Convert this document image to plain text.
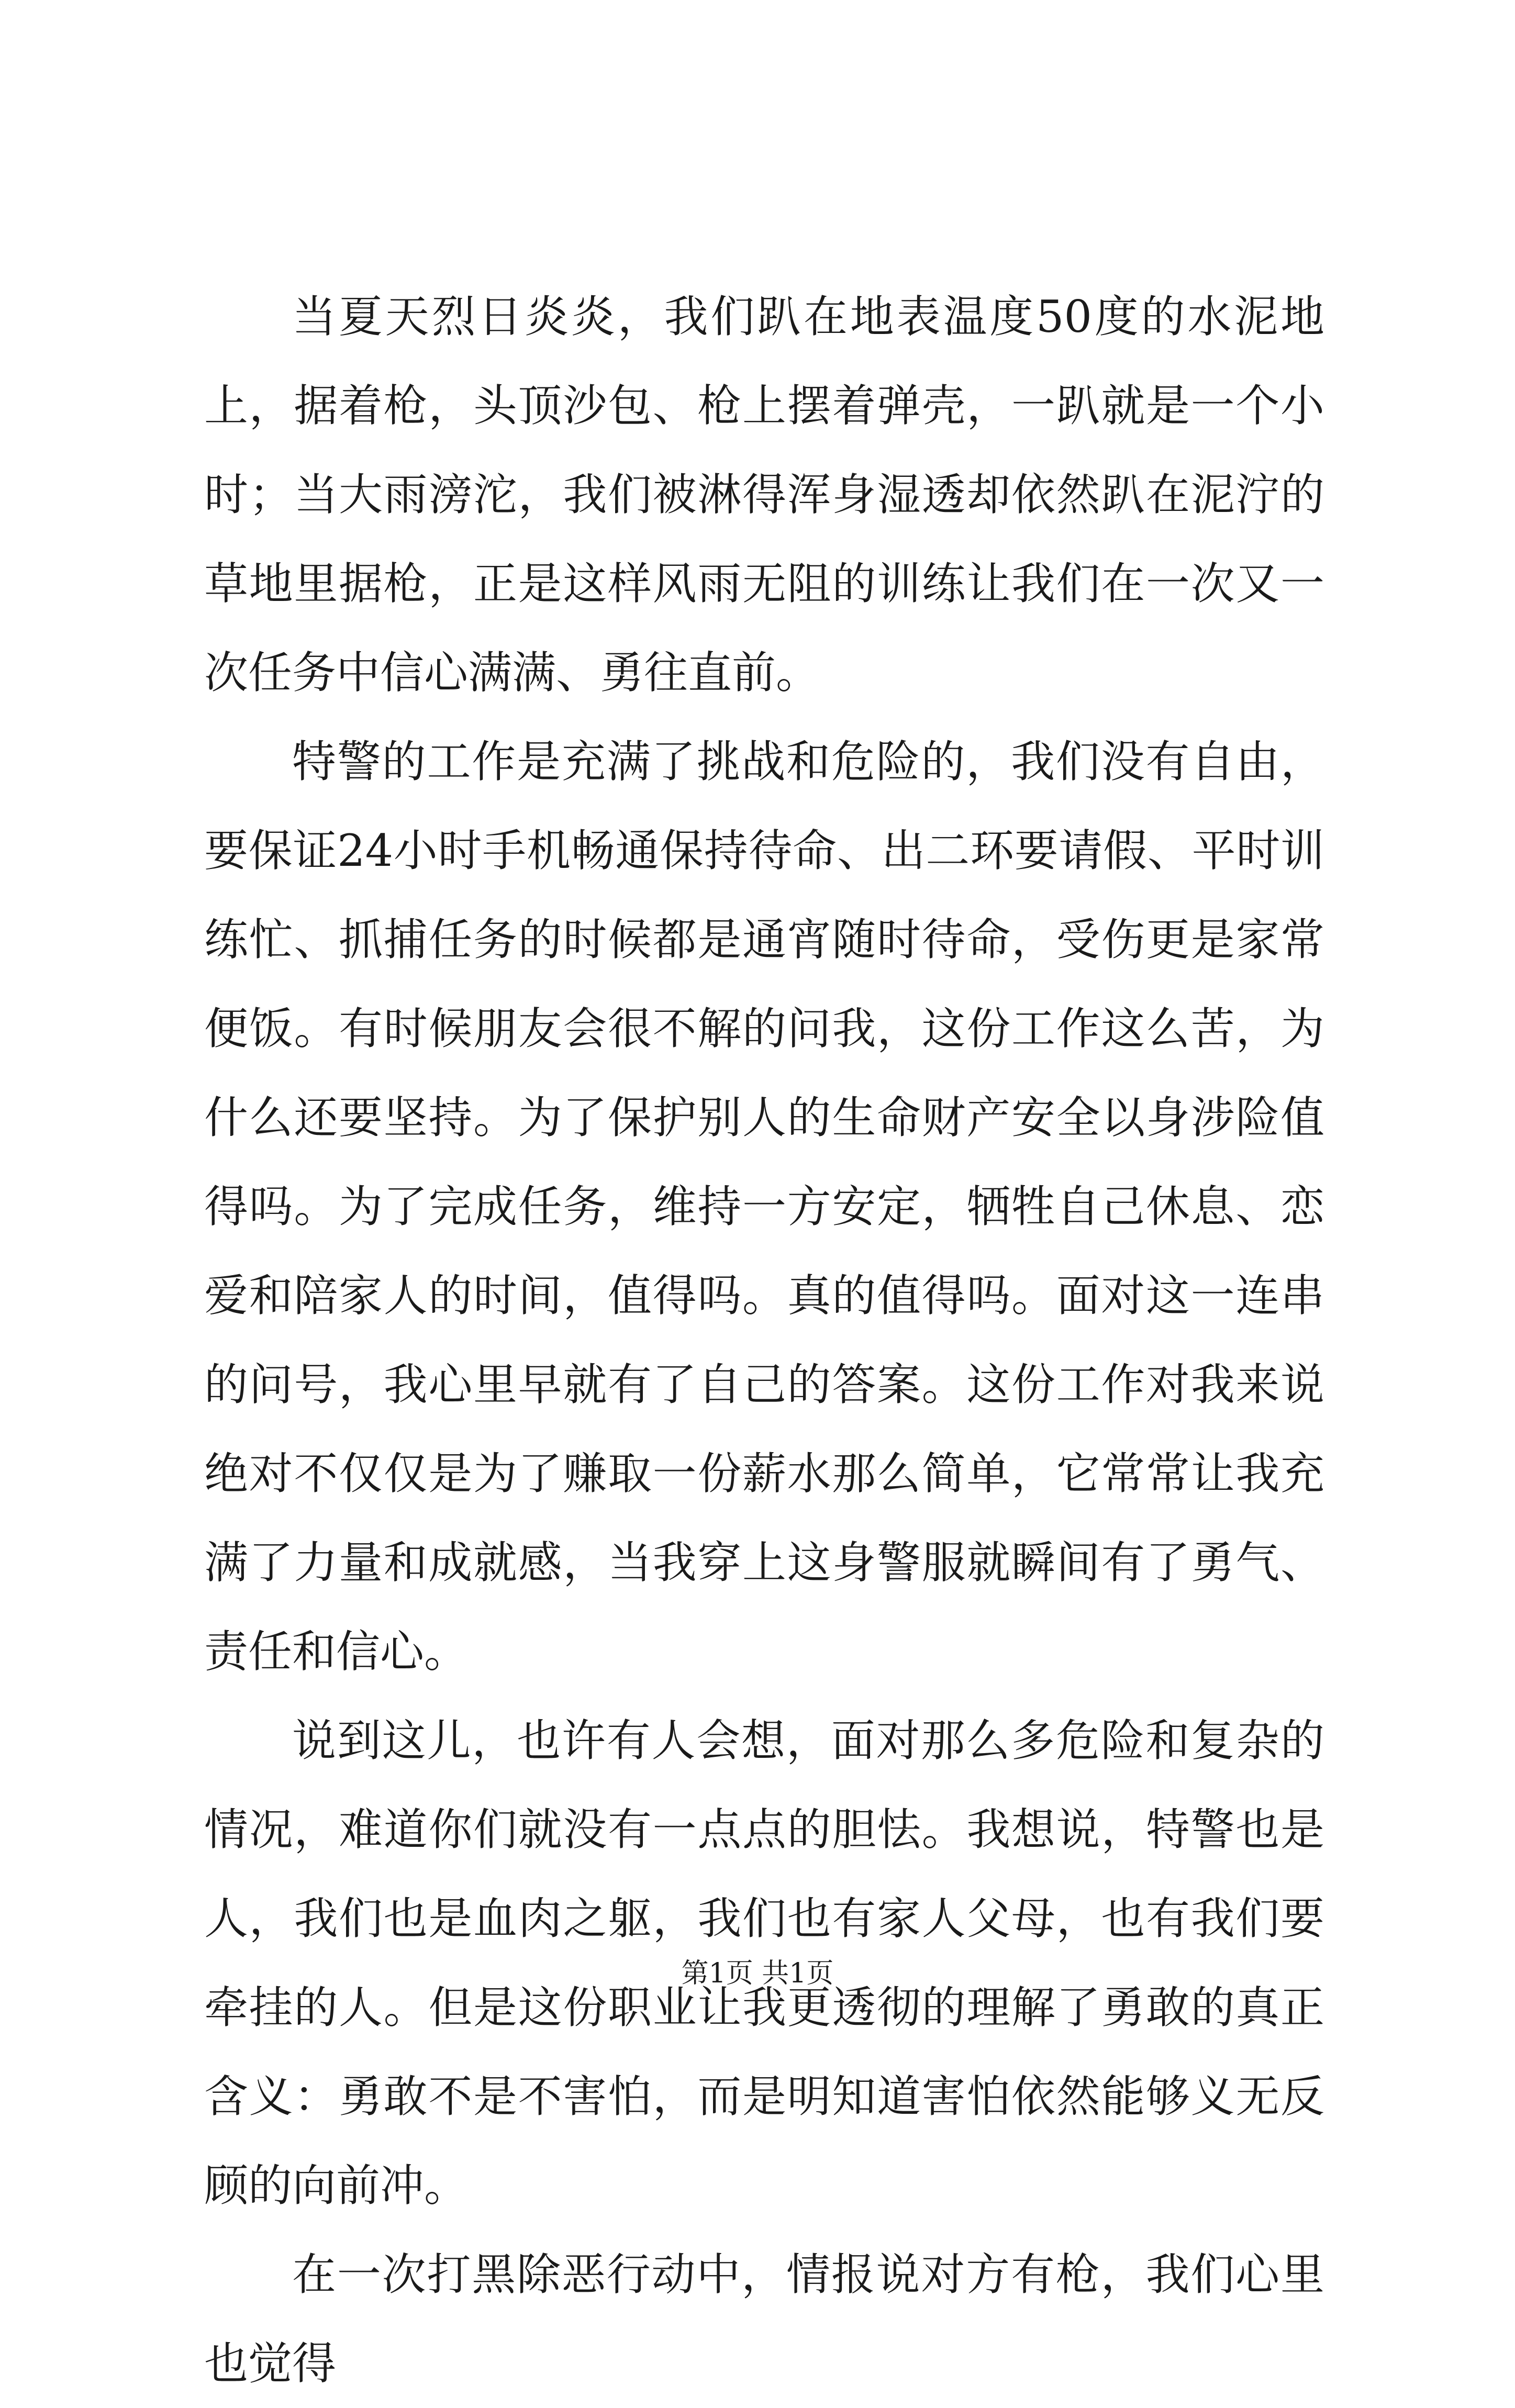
当夏天烈日炎炎，我们趴在地表温度50度的水泥地上，据着枪，头顶沙包、枪上摆着弹壳，一趴就是一个小时；当大雨滂沱，我们被淋得浑身湿透却依然趴在泥泞的草地里据枪，正是这样风雨无阻的训练让我们在一次又一次任务中信心满满、勇往直前。

特警的工作是充满了挑战和危险的，我们没有自由，要保证24小时手机畅通保持待命、出二环要请假、平时训练忙、抓捕任务的时候都是通宵随时待命，受伤更是家常便饭。有时候朋友会很不解的问我，这份工作这么苦，为什么还要坚持。为了保护别人的生命财产安全以身涉险值得吗。为了完成任务，维持一方安定，牺牲自己休息、恋爱和陪家人的时间，值得吗。真的值得吗。面对这一连串的问号，我心里早就有了自己的答案。这份工作对我来说绝对不仅仅是为了赚取一份薪水那么简单，它常常让我充满了力量和成就感，当我穿上这身警服就瞬间有了勇气、责任和信心。

说到这儿，也许有人会想，面对那么多危险和复杂的情况，难道你们就没有一点点的胆怯。我想说，特警也是人，我们也是血肉之躯，我们也有家人父母，也有我们要牵挂的人。但是这份职业让我更透彻的理解了勇敢的真正含义：勇敢不是不害怕，而是明知道害怕依然能够义无反顾的向前冲。

在一次打黑除恶行动中，情报说对方有枪，我们心里也觉得

第1页 共1页
